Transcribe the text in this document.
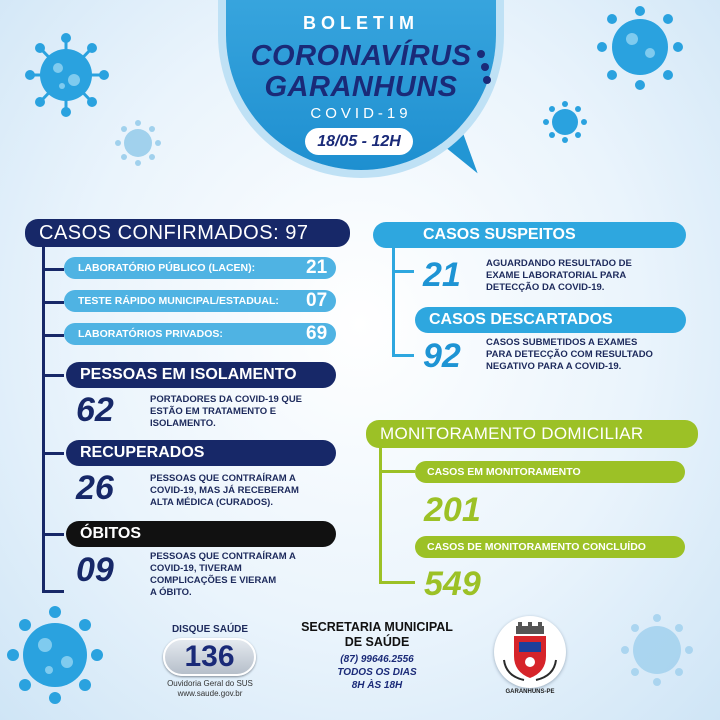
BOLETIM
CORONAVÍRUS
GARANHUNS
COVID-19
18/05 - 12H
CASOS CONFIRMADOS: 97
LABORATÓRIO PÚBLICO (LACEN):	21
TESTE RÁPIDO MUNICIPAL/ESTADUAL:	07
LABORATÓRIOS PRIVADOS:	69
PESSOAS EM ISOLAMENTO
62	PORTADORES DA COVID-19 QUE
ESTÃO EM TRATAMENTO E
ISOLAMENTO.
RECUPERADOS
26	PESSOAS QUE CONTRAÍRAM A
COVID-19, MAS JÁ RECEBERAM
ALTA MÉDICA (CURADOS).
ÓBITOS
09	PESSOAS QUE CONTRAÍRAM A
COVID-19, TIVERAM
COMPLICAÇÕES E VIERAM
A ÓBITO.
CASOS SUSPEITOS
21	AGUARDANDO RESULTADO DE
EXAME LABORATORIAL PARA
DETECÇÃO DA COVID-19.
CASOS DESCARTADOS
92	CASOS SUBMETIDOS A EXAMES
PARA DETECÇÃO COM RESULTADO
NEGATIVO PARA A COVID-19.
MONITORAMENTO DOMICILIAR
CASOS EM MONITORAMENTO
201
CASOS DE MONITORAMENTO CONCLUÍDO
549
DISQUE SAÚDE
136
Ouvidoria Geral do SUS
www.saude.gov.br
SECRETARIA MUNICIPAL
DE SAÚDE
(87) 99646.2556
TODOS OS DIAS
8H ÀS 18H
GARANHUNS-PE
